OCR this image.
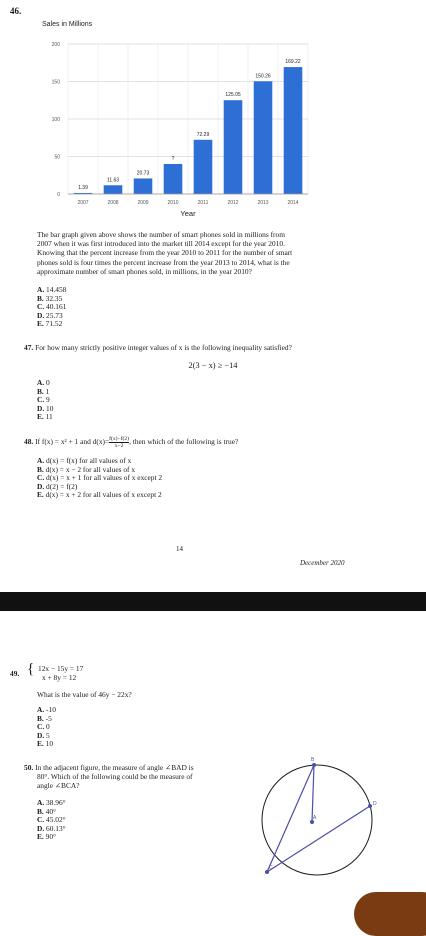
46.
Sales in Millions
0
50
100
150
200
1.39
2007
11.63
2008
20.73
2009
?
2010
72.29
2011
125.05
2012
150.26
2013
169.22
2014
Year
The bar graph given above shows the number of smart phones sold in millions from
2007 when it was first introduced into the market till 2014 except for the year 2010.
Knowing that the percent increase from the year 2010 to 2011 for the number of smart
phones sold is four times the percent increase from the year 2013 to 2014, what is the
approximate number of smart phones sold, in millions, in the year 2010?
A. 14.458
B. 32.35
C. 40.161
D. 25.73
E. 71.52
47. For how many strictly positive integer values of x is the following inequality satisfied?
2(3 − x) ≥ −14
A. 0
B. 1
C. 9
D. 10
E. 11
48. If f(x) = x² + 1 and $d(x)= \frac{f(x)-f(2)}{x-2}$ , then which of the following is true?
A. d(x) = f(x) for all values of x
B. d(x) = x − 2 for all values of x
C. d(x) = x + 1 for all values of x except 2
D. d(2) = f(2)
E. d(x) = x + 2 for all values of x except 2
14
December 2020
49. { 12x − 15y = 17
x + 8y = 12
What is the value of 46y − 22x?
A. -10
B. -5
C. 0
D. 5
E. 10
50. In the adjacent figure, the measure of angle ∠BAD is
80°. Which of the following could be the measure of
angle ∠BCA?
A. 38.96°
B. 40°
C. 45.02°
D. 60.13°
E. 90°
B
D
A
C
